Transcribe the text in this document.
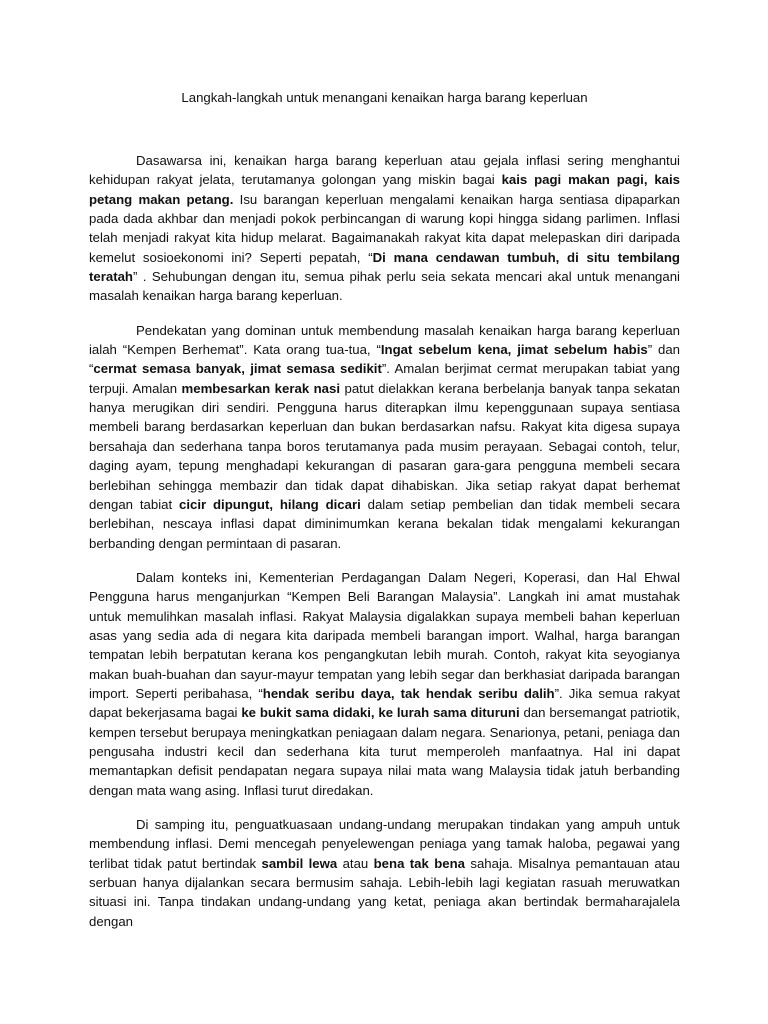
Langkah-langkah untuk menangani kenaikan harga barang keperluan

Dasawarsa ini, kenaikan harga barang keperluan atau gejala inflasi sering menghantui kehidupan rakyat jelata, terutamanya golongan yang miskin bagai kais pagi makan pagi, kais petang makan petang. Isu barangan keperluan mengalami kenaikan harga sentiasa dipaparkan pada dada akhbar dan menjadi pokok perbincangan di warung kopi hingga sidang parlimen. Inflasi telah menjadi rakyat kita hidup melarat. Bagaimanakah rakyat kita dapat melepaskan diri daripada kemelut sosioekonomi ini? Seperti pepatah, “Di mana cendawan tumbuh, di situ tembilang teratah” . Sehubungan dengan itu, semua pihak perlu seia sekata mencari akal untuk menangani masalah kenaikan harga barang keperluan.

Pendekatan yang dominan untuk membendung masalah kenaikan harga barang keperluan ialah “Kempen Berhemat”. Kata orang tua-tua, “Ingat sebelum kena, jimat sebelum habis” dan “cermat semasa banyak, jimat semasa sedikit”. Amalan berjimat cermat merupakan tabiat yang terpuji. Amalan membesarkan kerak nasi patut dielakkan kerana berbelanja banyak tanpa sekatan hanya merugikan diri sendiri. Pengguna harus diterapkan ilmu kepenggunaan supaya sentiasa membeli barang berdasarkan keperluan dan bukan berdasarkan nafsu. Rakyat kita digesa supaya bersahaja dan sederhana tanpa boros terutamanya pada musim perayaan. Sebagai contoh, telur, daging ayam, tepung menghadapi kekurangan di pasaran gara-gara pengguna membeli secara berlebihan sehingga membazir dan tidak dapat dihabiskan. Jika setiap rakyat dapat berhemat dengan tabiat cicir dipungut, hilang dicari dalam setiap pembelian dan tidak membeli secara berlebihan, nescaya inflasi dapat diminimumkan kerana bekalan tidak mengalami kekurangan berbanding dengan permintaan di pasaran.

Dalam konteks ini, Kementerian Perdagangan Dalam Negeri, Koperasi, dan Hal Ehwal Pengguna harus menganjurkan “Kempen Beli Barangan Malaysia”. Langkah ini amat mustahak untuk memulihkan masalah inflasi. Rakyat Malaysia digalakkan supaya membeli bahan keperluan asas yang sedia ada di negara kita daripada membeli barangan import. Walhal, harga barangan tempatan lebih berpatutan kerana kos pengangkutan lebih murah. Contoh, rakyat kita seyogianya makan buah-buahan dan sayur-mayur tempatan yang lebih segar dan berkhasiat daripada barangan import. Seperti peribahasa, “hendak seribu daya, tak hendak seribu dalih”. Jika semua rakyat dapat bekerjasama bagai ke bukit sama didaki, ke lurah sama dituruni dan bersemangat patriotik, kempen tersebut berupaya meningkatkan peniagaan dalam negara. Senarionya, petani, peniaga dan pengusaha industri kecil dan sederhana kita turut memperoleh manfaatnya. Hal ini dapat memantapkan defisit pendapatan negara supaya nilai mata wang Malaysia tidak jatuh berbanding dengan mata wang asing. Inflasi turut diredakan.

Di samping itu, penguatkuasaan undang-undang merupakan tindakan yang ampuh untuk membendung inflasi. Demi mencegah penyelewengan peniaga yang tamak haloba, pegawai yang terlibat tidak patut bertindak sambil lewa atau bena tak bena sahaja. Misalnya pemantauan atau serbuan hanya dijalankan secara bermusim sahaja. Lebih-lebih lagi kegiatan rasuah meruwatkan situasi ini. Tanpa tindakan undang-undang yang ketat, peniaga akan bertindak bermaharajalela dengan
